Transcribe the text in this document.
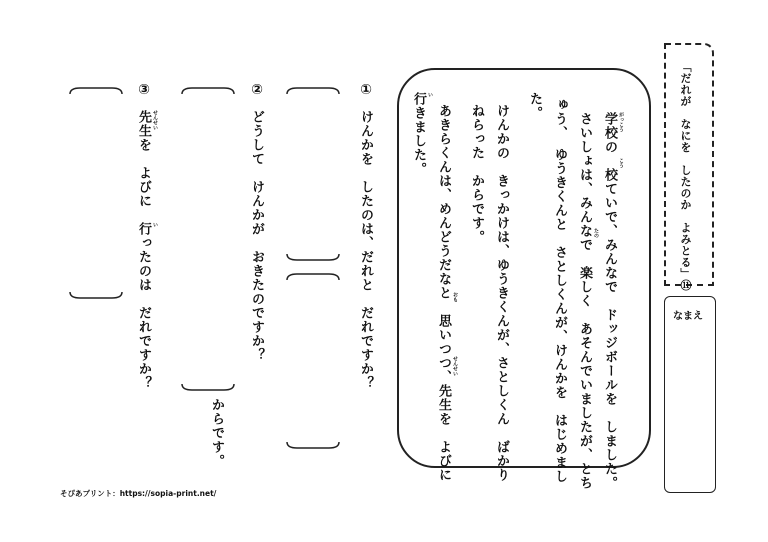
「だれが　なにを　したのか　よみとる」⑪
なまえ
学校の　校ていで、みんなで　ドッジボールを　しました。
さいしょは、みんなで　楽しく　あそんでいましたが、とち
ゅう、　ゆうきくんと　さとしくんが、けんかを　はじめまし
た。
けんかの　きっかけは、ゆうきくんが、さとしくん　ばかり
ねらった　からです。
あきらくんは、めんどうだなと　思いつつ、先生を　よびに
行きました。	がっこう
こう
たの
おも
せんせい
い
①
けんかを　したのは、だれと　だれですか？
②
どうして　けんかが　おきたのですか？
からです。
③
先生を　よびに　行ったのは　だれですか？ せんせい
い
そぴあプリント：https://sopia-print.net/
